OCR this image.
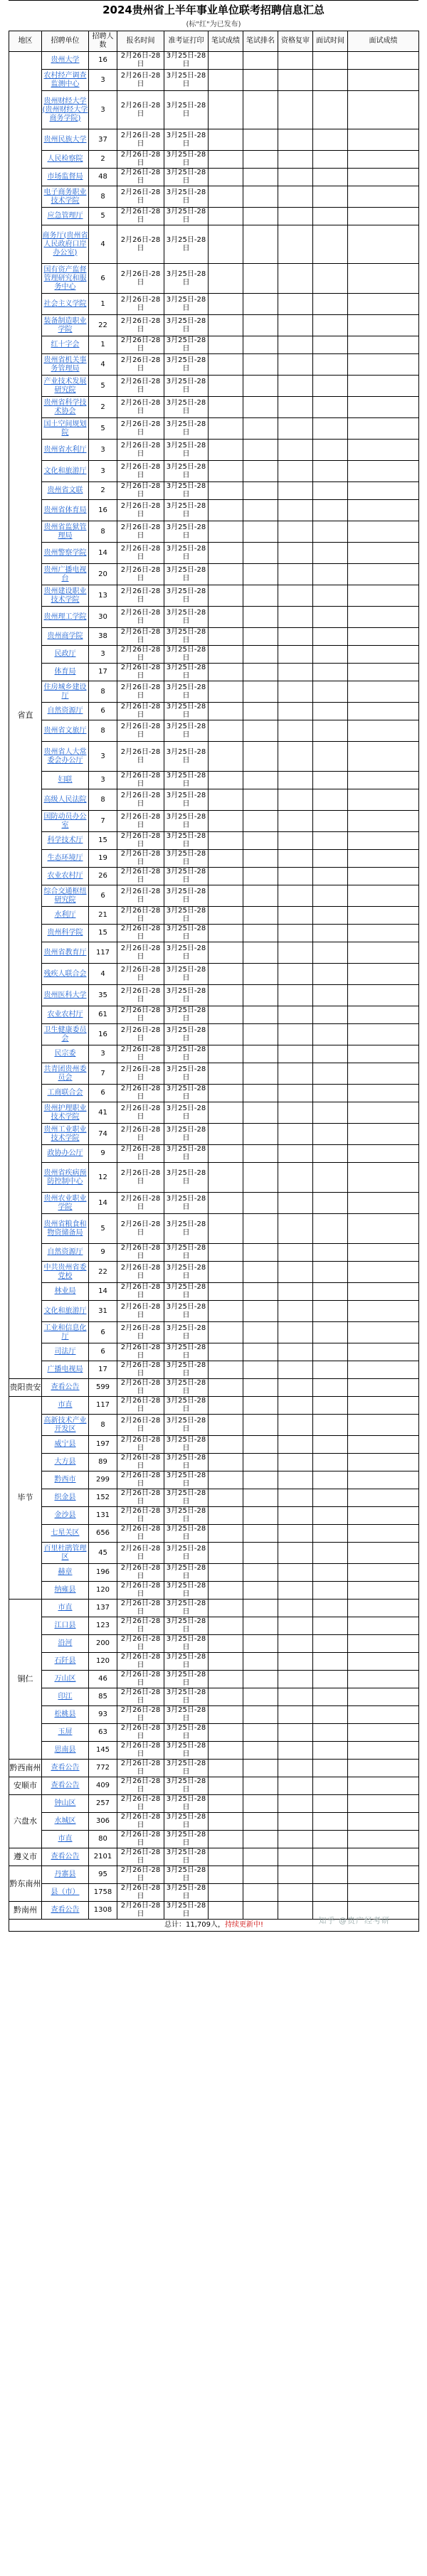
2024贵州省上半年事业单位联考招聘信息汇总
(标"红"为已发布)
地区	招聘单位	招聘人数	报名时间	准考证打印	笔试成绩	笔试排名	资格复审	面试时间	面试成绩
省直	贵州大学	16	2月26日-28日	3月25日-28日					
	农村经产调查监测中心	3	2月26日-28日	3月25日-28日					
	贵州财经大学(贵州财经大学商务学院)	3	2月26日-28日	3月25日-28日					
	贵州民族大学	37	2月26日-28日	3月25日-28日					
	人民检察院	2	2月26日-28日	3月25日-28日					
	市场监督局	48	2月26日-28日	3月25日-28日					
	电子商务职业技术学院	8	2月26日-28日	3月25日-28日					
	应急管理厅	5	2月26日-28日	3月25日-28日					
	商务厅(贵州省人民政府口岸办公室)	4	2月26日-28日	3月25日-28日					
	国有资产监督管理研究和服务中心	6	2月26日-28日	3月25日-28日					
	社会主义学院	1	2月26日-28日	3月25日-28日					
	装备制造职业学院	22	2月26日-28日	3月25日-28日					
	红十字会	1	2月26日-28日	3月25日-28日					
	贵州省机关事务管理局	4	2月26日-28日	3月25日-28日					
	产业技术发展研究院	5	2月26日-28日	3月25日-28日					
	贵州省科学技术协会	2	2月26日-28日	3月25日-28日					
	国土空间规划院	5	2月26日-28日	3月25日-28日					
	贵州省水利厅	3	2月26日-28日	3月25日-28日					
	文化和旅游厅	3	2月26日-28日	3月25日-28日					
	贵州省文联	2	2月26日-28日	3月25日-28日					
	贵州省体育局	16	2月26日-28日	3月25日-28日					
	贵州省监狱管理局	8	2月26日-28日	3月25日-28日					
	贵州警察学院	14	2月26日-28日	3月25日-28日					
	贵州广播电视台	20	2月26日-28日	3月25日-28日					
	贵州建设职业技术学院	13	2月26日-28日	3月25日-28日					
	贵州理工学院	30	2月26日-28日	3月25日-28日					
	贵州商学院	38	2月26日-28日	3月25日-28日					
	民政厅	3	2月26日-28日	3月25日-28日					
	体育局	17	2月26日-28日	3月25日-28日					
	住房城乡建设厅	8	2月26日-28日	3月25日-28日					
	自然资源厅	6	2月26日-28日	3月25日-28日					
	贵州省文旅厅	8	2月26日-28日	3月25日-28日					
	贵州省人大常委会办公厅	3	2月26日-28日	3月25日-28日					
	妇联	3	2月26日-28日	3月25日-28日					
	高级人民法院	8	2月26日-28日	3月25日-28日					
	国防动员办公室	7	2月26日-28日	3月25日-28日					
	科学技术厅	15	2月26日-28日	3月25日-28日					
	生态环境厅	19	2月26日-28日	3月25日-28日					
	农业农村厅	26	2月26日-28日	3月25日-28日					
	综合交通枢纽研究院	6	2月26日-28日	3月25日-28日					
	水利厅	21	2月26日-28日	3月25日-28日					
	贵州科学院	15	2月26日-28日	3月25日-28日					
	贵州省教育厅	117	2月26日-28日	3月25日-28日					
	残疾人联合会	4	2月26日-28日	3月25日-28日					
	贵州医科大学	35	2月26日-28日	3月25日-28日					
	农业农村厅	61	2月26日-28日	3月25日-28日					
	卫生健康委员会	16	2月26日-28日	3月25日-28日					
	民宗委	3	2月26日-28日	3月25日-28日					
	共青团贵州委员会	7	2月26日-28日	3月25日-28日					
	工商联合会	6	2月26日-28日	3月25日-28日					
	贵州护理职业技术学院	41	2月26日-28日	3月25日-28日					
	贵州工业职业技术学院	74	2月26日-28日	3月25日-28日					
	政协办公厅	9	2月26日-28日	3月25日-28日					
	贵州省疾病预防控制中心	12	2月26日-28日	3月25日-28日					
	贵州农业职业学院	14	2月26日-28日	3月25日-28日					
	贵州省粮食和物资储备局	5	2月26日-28日	3月25日-28日					
	自然资源厅	9	2月26日-28日	3月25日-28日					
	中共贵州省委党校	22	2月26日-28日	3月25日-28日					
	林业局	14	2月26日-28日	3月25日-28日					
	文化和旅游厅	31	2月26日-28日	3月25日-28日					
	工业和信息化厅	6	2月26日-28日	3月25日-28日					
	司法厅	6	2月26日-28日	3月25日-28日					
	广播电视局	17	2月26日-28日	3月25日-28日					
贵阳贵安	查看公告	599	2月26日-28日	3月25日-28日					
毕节	市直	117	2月26日-28日	3月25日-28日					
	高新技术产业开发区	8	2月26日-28日	3月25日-28日					
	威宁县	197	2月26日-28日	3月25日-28日					
	大方县	89	2月26日-28日	3月25日-28日					
	黔西市	299	2月26日-28日	3月25日-28日					
	织金县	152	2月26日-28日	3月25日-28日					
	金沙县	131	2月26日-28日	3月25日-28日					
	七星关区	656	2月26日-28日	3月25日-28日					
	百里杜鹃管理区	45	2月26日-28日	3月25日-28日					
	赫章	196	2月26日-28日	3月25日-28日					
	纳雍县	120	2月26日-28日	3月25日-28日					
铜仁	市直	137	2月26日-28日	3月25日-28日					
	江口县	123	2月26日-28日	3月25日-28日					
	沿河	200	2月26日-28日	3月25日-28日					
	石阡县	120	2月26日-28日	3月25日-28日					
	万山区	46	2月26日-28日	3月25日-28日					
	印江	85	2月26日-28日	3月25日-28日					
	松桃县	93	2月26日-28日	3月25日-28日					
	玉屏	63	2月26日-28日	3月25日-28日					
	思南县	145	2月26日-28日	3月25日-28日					
黔西南州	查看公告	772	2月26日-28日	3月25日-28日					
安顺市	查看公告	409	2月26日-28日	3月25日-28日					
六盘水	钟山区	257	2月26日-28日	3月25日-28日					
	水城区	306	2月26日-28日	3月25日-28日					
	市直	80	2月26日-28日	3月25日-28日					
遵义市	查看公告	2101	2月26日-28日	3月25日-28日					
黔东南州	丹寨县	95	2月26日-28日	3月25日-28日					
	县（市）	1758	2月26日-28日	3月25日-28日					
黔南州	查看公告	1308	2月26日-28日	3月25日-28日					
总计：11,709人，持续更新中!										知乎 @贵广经考研
